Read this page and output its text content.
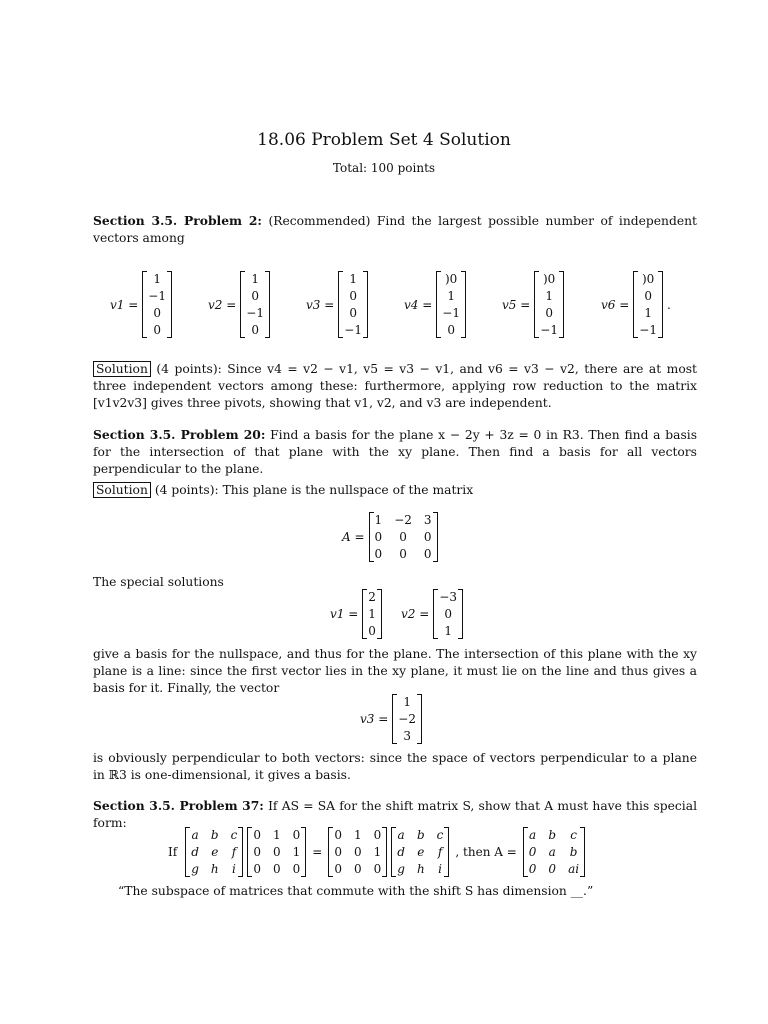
18.06 Problem Set 4 Solution
Total: 100 points
Section 3.5. Problem 2: (Recommended) Find the largest possible number of independent vectors among
v1 =
1
−1
0
0
v2 =
1
0
−1
0
v3 =
1
0
0
−1
v4 =
)0
1
−1
0
v5 =
)0
1
0
−1
v6 =
)0
0
1
−1
.
Solution (4 points): Since v4 = v2 − v1, v5 = v3 − v1, and v6 = v3 − v2, there are at most three independent vectors among these: furthermore, applying row reduction to the matrix [v1v2v3] gives three pivots, showing that v1, v2, and v3 are independent.
Section 3.5. Problem 20: Find a basis for the plane x − 2y + 3z = 0 in R3. Then find a basis for the intersection of that plane with the xy plane. Then find a basis for all vectors perpendicular to the plane.
Solution (4 points): This plane is the nullspace of the matrix
A =
1 −2 3
0	0	0
0	0	0
The special solutions
v1 =
2
1
0
v2 =
−3
0
1
give a basis for the nullspace, and thus for the plane. The intersection of this plane with the xy plane is a line: since the first vector lies in the xy plane, it must lie on the line and thus gives a basis for it. Finally, the vector
v3 =
1
−2
3
is obviously perpendicular to both vectors: since the space of vectors perpendicular to a plane in ℝ3 is one-dimensional, it gives a basis.
Section 3.5. Problem 37: If AS = SA for the shift matrix S, show that A must have this special form:
If
a b c
d e f
g h i
0 1 0
0 0 1
0 0 0
=
0 1 0
0 0 1
0 0 0
a b c
d e f
g h i
, then A =
a b c
0 a b
0 0 ai
“The subspace of matrices that commute with the shift S has dimension __.”
